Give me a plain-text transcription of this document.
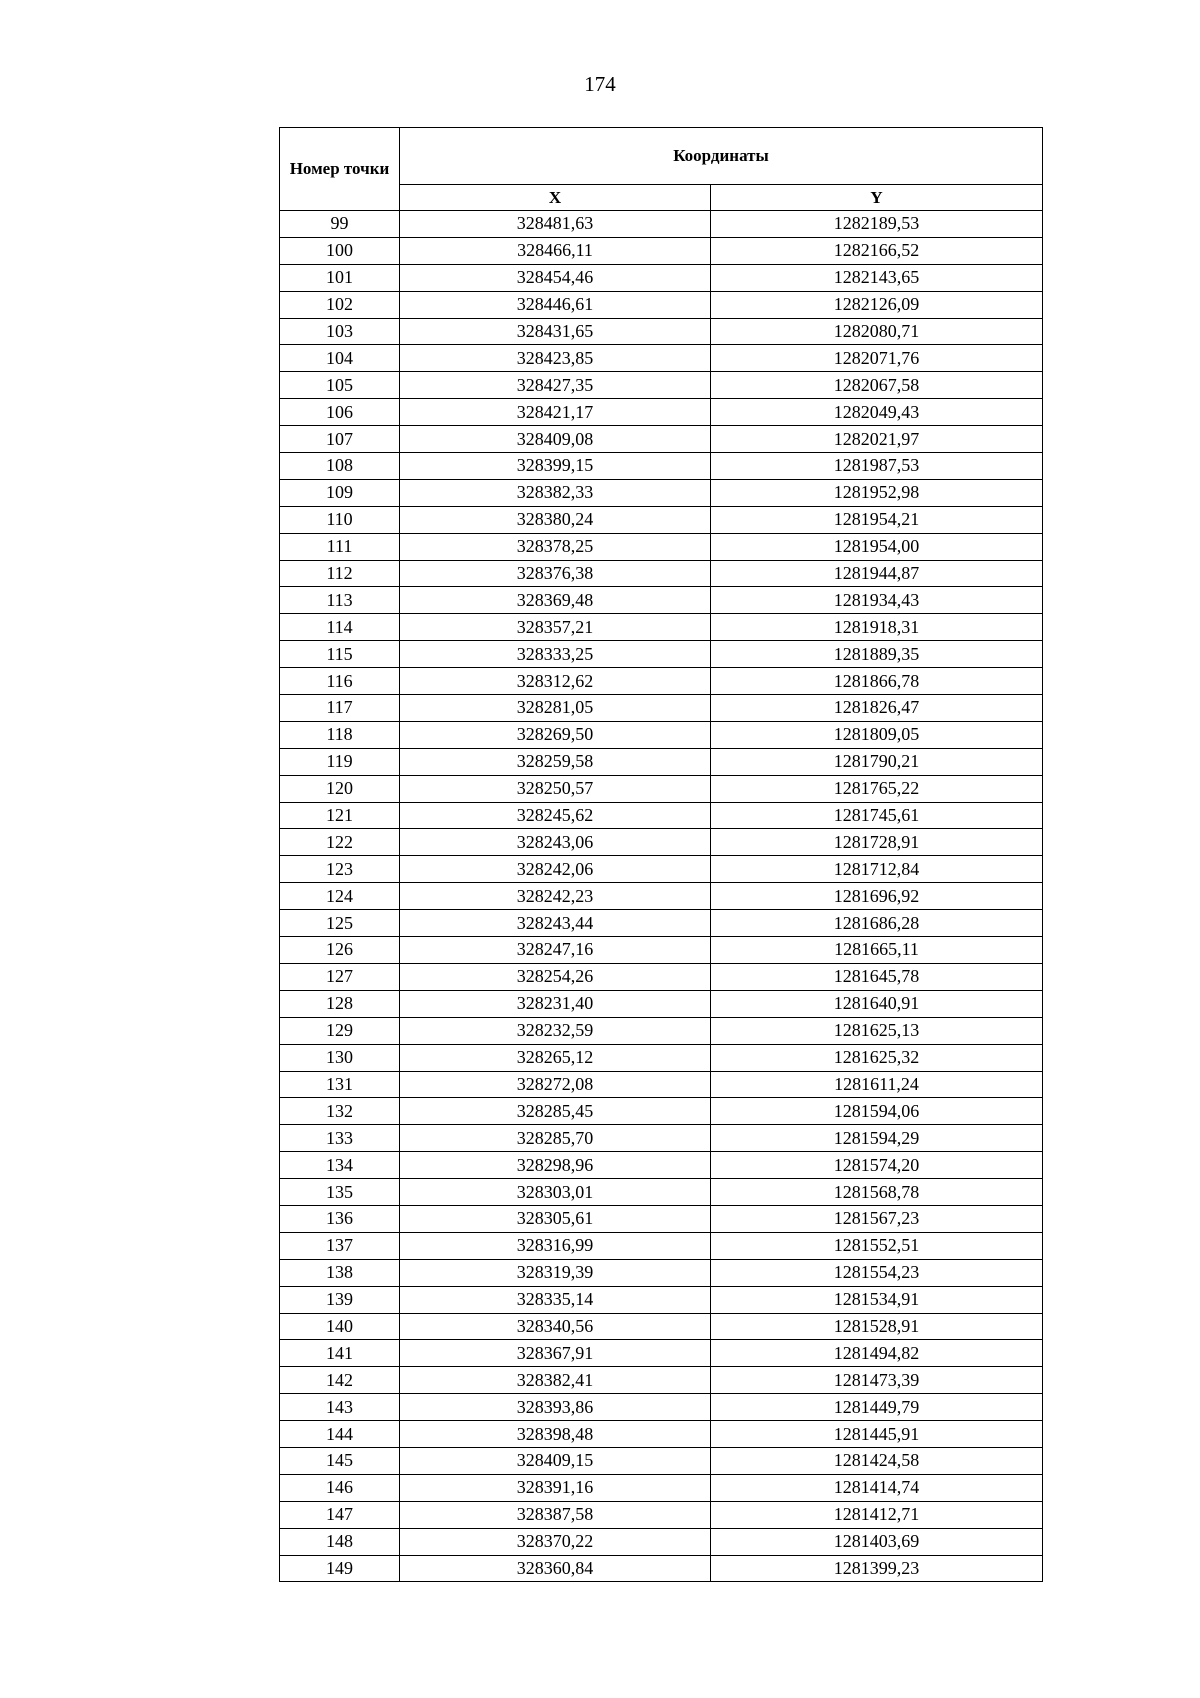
174
Номер точки	Координаты	
	X	Y
99	328481,63	1282189,53
100	328466,11	1282166,52
101	328454,46	1282143,65
102	328446,61	1282126,09
103	328431,65	1282080,71
104	328423,85	1282071,76
105	328427,35	1282067,58
106	328421,17	1282049,43
107	328409,08	1282021,97
108	328399,15	1281987,53
109	328382,33	1281952,98
110	328380,24	1281954,21
111	328378,25	1281954,00
112	328376,38	1281944,87
113	328369,48	1281934,43
114	328357,21	1281918,31
115	328333,25	1281889,35
116	328312,62	1281866,78
117	328281,05	1281826,47
118	328269,50	1281809,05
119	328259,58	1281790,21
120	328250,57	1281765,22
121	328245,62	1281745,61
122	328243,06	1281728,91
123	328242,06	1281712,84
124	328242,23	1281696,92
125	328243,44	1281686,28
126	328247,16	1281665,11
127	328254,26	1281645,78
128	328231,40	1281640,91
129	328232,59	1281625,13
130	328265,12	1281625,32
131	328272,08	1281611,24
132	328285,45	1281594,06
133	328285,70	1281594,29
134	328298,96	1281574,20
135	328303,01	1281568,78
136	328305,61	1281567,23
137	328316,99	1281552,51
138	328319,39	1281554,23
139	328335,14	1281534,91
140	328340,56	1281528,91
141	328367,91	1281494,82
142	328382,41	1281473,39
143	328393,86	1281449,79
144	328398,48	1281445,91
145	328409,15	1281424,58
146	328391,16	1281414,74
147	328387,58	1281412,71
148	328370,22	1281403,69
149	328360,84	1281399,23
